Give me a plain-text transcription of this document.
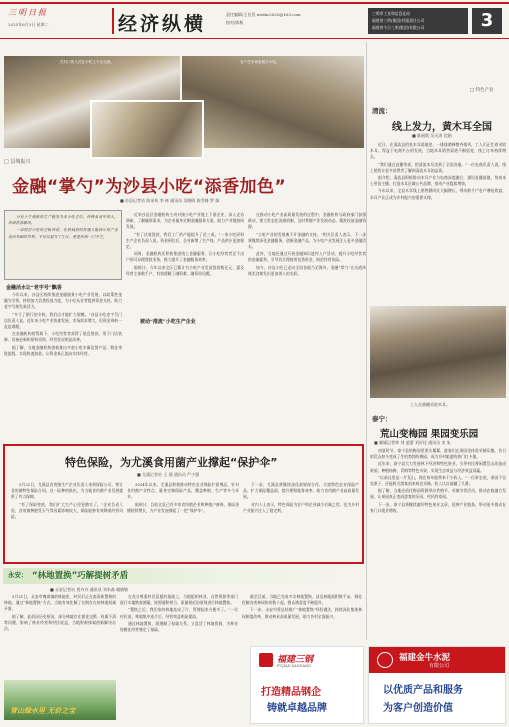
三明日报
2025年6月3日 星期二	经济纵横	责任编辑/王长忧 wzdnr2025@163.com
校对/陈秋
三明市工业和信息化局
福建省三明(集团)有限责任公司
福建省今日三明(集团)有限公司	3
在村口的人员在小吃上不会交流。	农户在市场里展示小吃。
□ 县城振兴
金融“掌勺”为沙县小吃“添香加色”
■ 沙县记者站 陈承传 李 林 通讯员 吴晓明 陈雪峰 罗 娟

分业十年商旅的生产链条为本小吃老店，传统美食中的人，申请贷款解决。

一家经营小吃的老板讲述，在县城里的普通人能因小吃产业走向外面的世界，不仅仅是为了生计，更是传承一门手艺。

金融活水让“老字号”飘香

今年以来，沙县区持续推进金融服务小吃产业发展，以政策性金融为引领，持续加大信贷投放力度，为小吃从业者提供资金支持，助力老字号焕发新活力。

“多亏了银行的支持，我们店才能扩大规模。”沙县小吃老字号门店负责人说，近年来小吃产业快速发展，市场需求增大，但资金周转一直是难题。

在金融机构的帮助下，小吃经营者获得了低息贷款，用于门店装修、设备更新和原料采购，经营状况明显改善。

据了解，当地金融机构创新推出多款小吃专属信贷产品，简化审批流程，实现快速放款，让资金真正流向实体经营。

近来沙县区金融机构主动对接小吃产业链上下游企业，深入走访调研，了解融资需求，为企业量身定制金融服务方案，助力产业链协同发展。

“有了这笔贷款，我们工厂的产能提升了近三成。”一家小吃原料生产企业负责人说，资金到位后，企业新增了生产线，产品供应更加稳定。

同时，金融机构还积极推进线上金融服务，让小吃经营者足不出户即可办理贷款业务，极大提升了金融服务效率。

据统计，今年以来全区已累计为小吃产业发放贷款数亿元，惠及经营主体数千户，有效缓解了融资难、融资贵问题。

被动“推流”小吃生产企业

在推动小吃产业高质量发展的过程中，金融机构与政府部门加强联动，建立常态化沟通机制，及时掌握产业发展动态，精准投放金融资源。

“小吃产业的发展离不开金融的支持。”相关负责人表示，下一步将继续深化金融服务，创新金融产品，为小吃产业发展注入更多金融活水。

此外，当地还通过开展金融知识进村入户活动，提升小吃经营者的金融素养，引导其合理使用信贷资金，防范经营风险。

如今，沙县小吃已走向全国各地乃至海外，金融“掌勺”让这道传统美食焕发出更加诱人的光彩。

□ 特色产业
清流：
线上发力，黄木耳全国
■ 陈丽霞 吴无涛 沈娟

近日，在清流县的黑木耳基地里，一排排菌棒整齐排列，工人们正忙着采收木耳。得益于电商平台的发展，当地木耳销售渠道不断拓宽，线上订单持续增长。

“我们通过直播带货，把清流木耳卖到了全国各地。”一位电商负责人说，线上销售让更多消费者了解到清流木耳的品质。

据介绍，清流县积极推动木耳产业与电商深度融合，建设直播基地，培育本土带货主播，打造木耳区域公共品牌，推动产业提质增效。

今年以来，全县木耳线上销售额同比大幅增长，带动数千户农户增收致富，木耳产业正成为乡村振兴的重要支撑。

工人在菌棚采收木耳。
泰宁：
荒山变梅园 果园变乐园
■ 融媒记者林 刘 凌蕾 刘沂佳 通讯员 宋 朱

初夏时节，泰宁县的梅园里果实累累，游客们在果园里体验采摘乐趣。昔日的荒山如今变成了生机勃勃的梅园，成为乡村旅游的热门打卡地。

近年来，泰宁县大力发展林下经济和特色果业，引导村民将闲置荒山改造成果园，种植杨梅、青梅等特色水果，实现生态效益与经济效益双赢。

“以前这里是一片荒山，现在每年能带来不少收入。”一位果农说，果园不仅卖果子，还能吸引游客前来观光采摘，收入比以前翻了几番。

据了解，当地还依托梅园资源举办赏梅节、采摘节等活动，推动农旅融合发展，让果园真正变成游客的乐园、村民的家园。

下一步，泰宁县将继续做好特色果业文章，延伸产业链条，带动更多群众在家门口就业增收。

特色保险，为尤溪食用菌产业撑起“保护伞”
■ 尤溪记者站 王 强 通讯员 严少强

5月21日，尤溪县食用菌生产企业负责人来到保险公司，签订食用菌特色保险合同。这一险种的推出，为当地食用菌产业发展提供了有力保障。

“有了保险兜底，我们扩大生产心里更踏实了。”企业负责人说，食用菌种植受天气等因素影响较大，保险能够有效降低经营风险。

2024年以来，尤溪县积极推动特色农业保险扩面增品，针对食用菌产业特点，量身定制保险产品，覆盖种植、生产等多个环节。

据统计，目前全县已有多家食用菌企业和种植户参保，保险金额持续增长，为产业发展撑起了一把“保护伞”。

下一步，尤溪县将继续深化政银保合作，丰富特色农业保险产品，扩大保险覆盖面，提升理赔服务效率，助力食用菌产业高质量发展。

业内人士表示，特色保险为农户和企业减少后顾之忧，也为乡村产业振兴注入了稳定剂。

永安： “林地置换”巧解提树矛盾
■ 永安记者站 贾卉卉 通讯员 刘木森 谢晓敏

5月21日，永安市槐南镇的林地里，村民们正在查看新置换的林地。通过“林地置换”方式，当地有效化解了长期存在的林地权属矛盾。

据了解，此前因历史原因，部分林地存在插花交错、权属不清等问题，影响了林业经营和村民收益，当地积极探索创新解决办法。

青山绿水里 无价之宝

在充分尊重村民意愿的基础上，当地组织林业、自然资源等部门进行实地勘查测量，按照面积相当、质量相近的原则进行林地置换。

“置换之后，我们家的林地连成了片，管理起来方便多了。”一位村民说，林地集中连片后，经营效益明显提高。

通过林地置换，既理顺了权属关系，又盘活了林地资源，为林业规模化经营奠定了基础。

截至目前，当地已完成多宗林地置换，涉及林地面积数千亩，调处化解各类林权纠纷数十起，群众满意度不断提升。

下一步，永安市将总结推广“林地置换”经验做法，持续深化集体林权制度改革，推动林业高质量发展，助力乡村全面振兴。

福建三钢
FUJIAN SANGANG
打造精品钢企
铸就卓越品牌
福建金牛水泥
有限公司
以优质产品和服务
为客户创造价值
